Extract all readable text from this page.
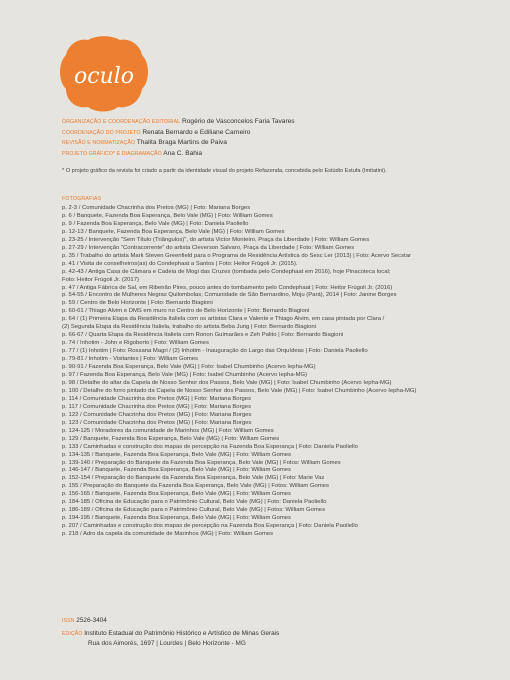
oculo
ORGANIZAÇÃO E COORDENAÇÃO EDITORIAL Rogério de Vasconcelos Faria Tavares
COORDENAÇÃO DO PROJETO Renata Bernardo e Ediliane Carneiro
REVISÃO E NORMATIZAÇÃO Thalita Braga Martins de Paiva
PROJETO GRÁFICO* E DIAGRAMAÇÃO Ana C. Bahia
* O projeto gráfico da revista foi criado a partir da identidade visual do projeto Refazenda, concebida pelo Estúdio Estufa (Imitatini).
FOTOGRAFIAS
p. 2-3 / Comunidade Chacrinha dos Pretos (MG) | Foto: Mariana Borges
p. 6 / Banquete, Fazenda Boa Esperança, Belo Vale (MG) | Foto: William Gomes
p. 9 / Fazenda Boa Esperança, Belo Vale (MG) | Foto: Daniela Paoliello
p. 12-13 / Banquete, Fazenda Boa Esperança, Belo Vale (MG) | Foto: William Gomes
p. 23-25 / Intervenção "Sem Título (Triângulos)", do artista Victor Monteiro, Praça da Liberdade | Foto: William Gomes
p. 27-29 / Intervenção "Contracorrente" do artista Cleverson Salvaro, Praça da Liberdade | Foto: William Gomes
p. 35 / Trabalho do artista Mark Steven Greenfield para o Programa de Residência Artística do Sesc Ler (2013) | Foto: Acervo Secstar
p. 41 / Visita de conselheiros(as) do Condephaat a Santos | Foto: Heitor Frúgoli Jr. (2015).
p. 42-43 / Antiga Casa de Câmara e Cadeia de Mogi das Cruzes (tombada pelo Condephaat em 2016), hoje Pinacoteca local;
Foto: Heitor Frúgoli Jr. (2017)
p. 47 / Antiga Fábrica de Sal, em Ribeirão Pires, pouco antes do tombamento pelo Condephaat | Foto: Heitor Frúgoli Jr. (2016)
p. 54-55 / Encontro de Mulheres Negras Quilombolas, Comunidade de São Bernardino, Moju (Pará), 2014 | Foto: Janine Borges
p. 59 / Centro de Belo Horizonte | Foto: Bernardo Biagioni
p. 60-61 / Thiago Alvim e DMS em muro no Centro de Belo Horizonte | Foto: Bernardo Biagioni
p. 64 / (1) Primeira Etapa da Residência Italiela com os artistas Clara e Valente e Thiago Alvim, em casa pintada por Clara /
(2) Segunda Etapa da Residência Italiela, trabalho do artista Beba Jung | Foto: Bernardo Biagioni
p. 66-67 / Quarta Etapa da Residência Italiela com Ronon Guimarães e Zeh Palito | Foto: Bernardo Biagioni
p. 74 / Inhotim - John e Rigoberto | Foto: William Gomes
p. 77 / (1) Inhotim | Foto: Rossana Magri / (2) Inhotim - Inauguração do Largo das Orquídeas | Foto: Daniela Paoliello
p. 79-81 / Inhotim - Visitantes | Foto: William Gomes
p. 90-91 / Fazenda Boa Esperança, Belo Vale (MG) | Foto: Isabel Chumbinho (Acervo Iepha-MG)
p. 97 / Fazenda Boa Esperança, Belo Vale (MG) | Foto: Isabel Chumbinho (Acervo Iepha-MG)
p. 98 / Detalhe do altar da Capela de Nosso Senhor dos Passos, Belo Vale (MG) | Foto: Isabel Chumbinho (Acervo Iepha-MG)
p. 100 / Detalhe do forro pintado da Capela de Nosso Senhor dos Passos, Belo Vale (MG) | Foto: Isabel Chumbinho (Acervo Iepha-MG)
p. 114 / Comunidade Chacrinha dos Pretos (MG) | Foto: Mariana Borges
p. 117 / Comunidade Chacrinha dos Pretos (MG) | Foto: Mariana Borges
p. 122 / Comunidade Chacrinha dos Pretos (MG) | Foto: Mariana Borges
p. 123 / Comunidade Chacrinha dos Pretos (MG) | Foto: Mariana Borges
p. 124-125 / Moradores da comunidade de Marinhos (MG) | Foto: William Gomes
p. 129 / Banquete, Fazenda Boa Esperança, Belo Vale (MG) | Foto: William Gomes
p. 133 / Caminhadas e construção dos mapas de percepção na Fazenda Boa Esperança | Foto: Daniela Paoliello
p. 134-135 / Banquete, Fazenda Boa Esperança, Belo Vale (MG) | Foto: William Gomes
p. 139-140 / Preparação do Banquete da Fazenda Boa Esperança, Belo Vale (MG) | Fotos: William Gomes
p. 146-147 / Banquete, Fazenda Boa Esperança, Belo Vale (MG) | Foto: William Gomes
p. 152-154 / Preparação do Banquete da Fazenda Boa Esperança, Belo Vale (MG) | Foto: Marie Vaz
p. 155 / Preparação do Banquete da Fazenda Boa Esperança, Belo Vale (MG) | Fotos: William Gomes
p. 156-165 / Banquete, Fazenda Boa Esperança, Belo Vale (MG) | Foto: William Gomes
p. 184-185 / Oficina de Educação para o Patrimônio Cultural, Belo Vale (MG) | Foto: Daniela Paoliello
p. 186-189 / Oficina de Educação para o Patrimônio Cultural, Belo Vale (MG) | Fotos: William Gomes
p. 194-195 / Banquete, Fazenda Boa Esperança, Belo Vale (MG) | Foto: William Gomes
p. 207 / Caminhadas e construção dos mapas de percepção na Fazenda Boa Esperança | Foto: Daniela Paoliello
p. 218 / Adro da capela da comunidade de Marinhos (MG) | Foto: William Gomes
ISSN 2526-3404
EDIÇÃO Instituto Estadual do Patrimônio Histórico e Artístico de Minas Gerais
Rua dos Aimorés, 1697 | Lourdes | Belo Horizonte - MG
